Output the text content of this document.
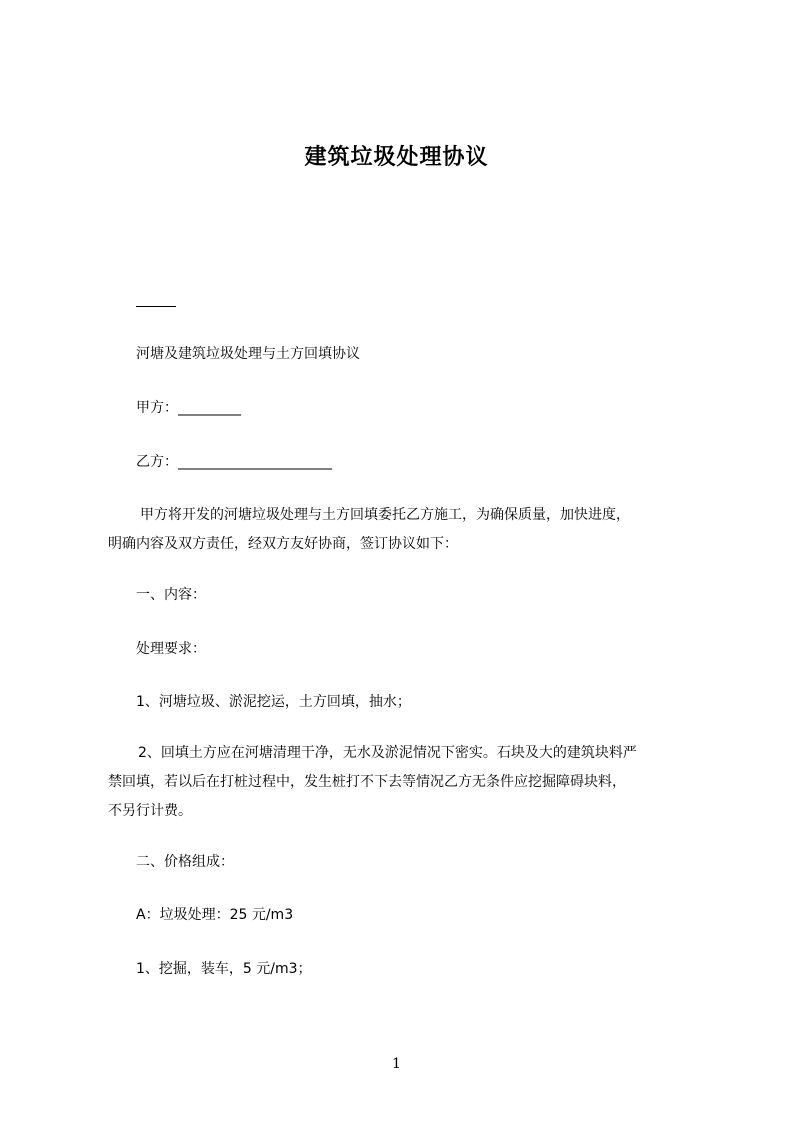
建筑垃圾处理协议

河塘及建筑垃圾处理与土方回填协议

甲方：_________

乙方：______________________

甲方将开发的河塘垃圾处理与土方回填委托乙方施工，为确保质量，加快进度，

明确内容及双方责任，经双方友好协商，签订协议如下：

一、内容：

处理要求：

1、河塘垃圾、淤泥挖运，土方回填，抽水；

2、回填土方应在河塘清理干净，无水及淤泥情况下密实。石块及大的建筑块料严

禁回填，若以后在打桩过程中，发生桩打不下去等情况乙方无条件应挖掘障碍块料，

不另行计费。

二、价格组成：

A：垃圾处理：25 元/m3

1、挖掘，装车，5 元/m3；

1
